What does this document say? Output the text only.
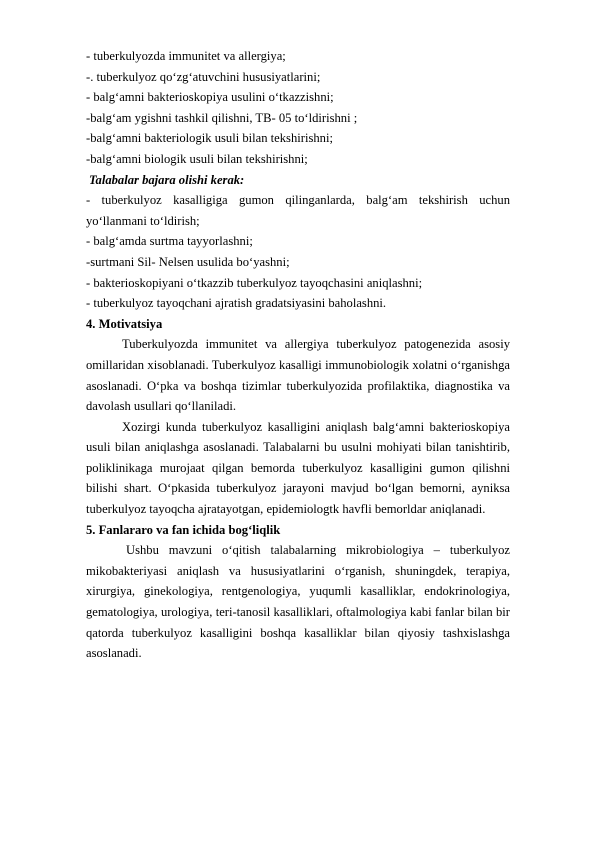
- tuberkulyozda immunitet va allergiya;
-. tuberkulyoz qo‘zg‘atuvchini hususiyatlarini;
- balg‘amni bakterioskopiya usulini o‘tkazzishni;
-balg‘am ygishni tashkil qilishni, TB- 05 to‘ldirishni ;
-balg‘amni bakteriologik usuli bilan tekshirishni;
-balg‘amni biologik usuli bilan tekshirishni;
Talabalar bajara olishi kerak:

- tuberkulyoz kasalligiga gumon qilinganlarda, balg‘am tekshirish uchun yo‘llanmani to‘ldirish;

- balg‘amda surtma tayyorlashni;
-surtmani Sil- Nelsen usulida bo‘yashni;
- bakterioskopiyani o‘tkazzib tuberkulyoz tayoqchasini aniqlashni;
- tuberkulyoz tayoqchani ajratish gradatsiyasini baholashni.
4. Motivatsiya

Tuberkulyozda immunitet va allergiya tuberkulyoz patogenezida asosiy omillaridan xisoblanadi. Tuberkulyoz kasalligi immunobiologik xolatni o‘rganishga asoslanadi. O‘pka va boshqa tizimlar tuberkulyozida profilaktika, diagnostika va davolash usullari qo‘llaniladi.

Xozirgi kunda tuberkulyoz kasalligini aniqlash balg‘amni bakterioskopiya usuli bilan aniqlashga asoslanadi. Talabalarni bu usulni mohiyati bilan tanishtirib, poliklinikaga murojaat qilgan bemorda tuberkulyoz kasalligini gumon qilishni bilishi shart. O‘pkasida tuberkulyoz jarayoni mavjud bo‘lgan bemorni, ayniksa tuberkulyoz tayoqcha ajratayotgan, epidemiologtk havfli bemorldar aniqlanadi.

5. Fanlararo va fan ichida bog‘liqlik

Ushbu mavzuni o‘qitish talabalarning mikrobiologiya – tuberkulyoz mikobakteriyasi aniqlash va hususiyatlarini o‘rganish, shuningdek, terapiya, xirurgiya, ginekologiya, rentgenologiya, yuqumli kasalliklar, endokrinologiya, gematologiya, urologiya, teri-tanosil kasalliklari, oftalmologiya kabi fanlar bilan bir qatorda tuberkulyoz kasalligini boshqa kasalliklar bilan qiyosiy tashxislashga asoslanadi.
